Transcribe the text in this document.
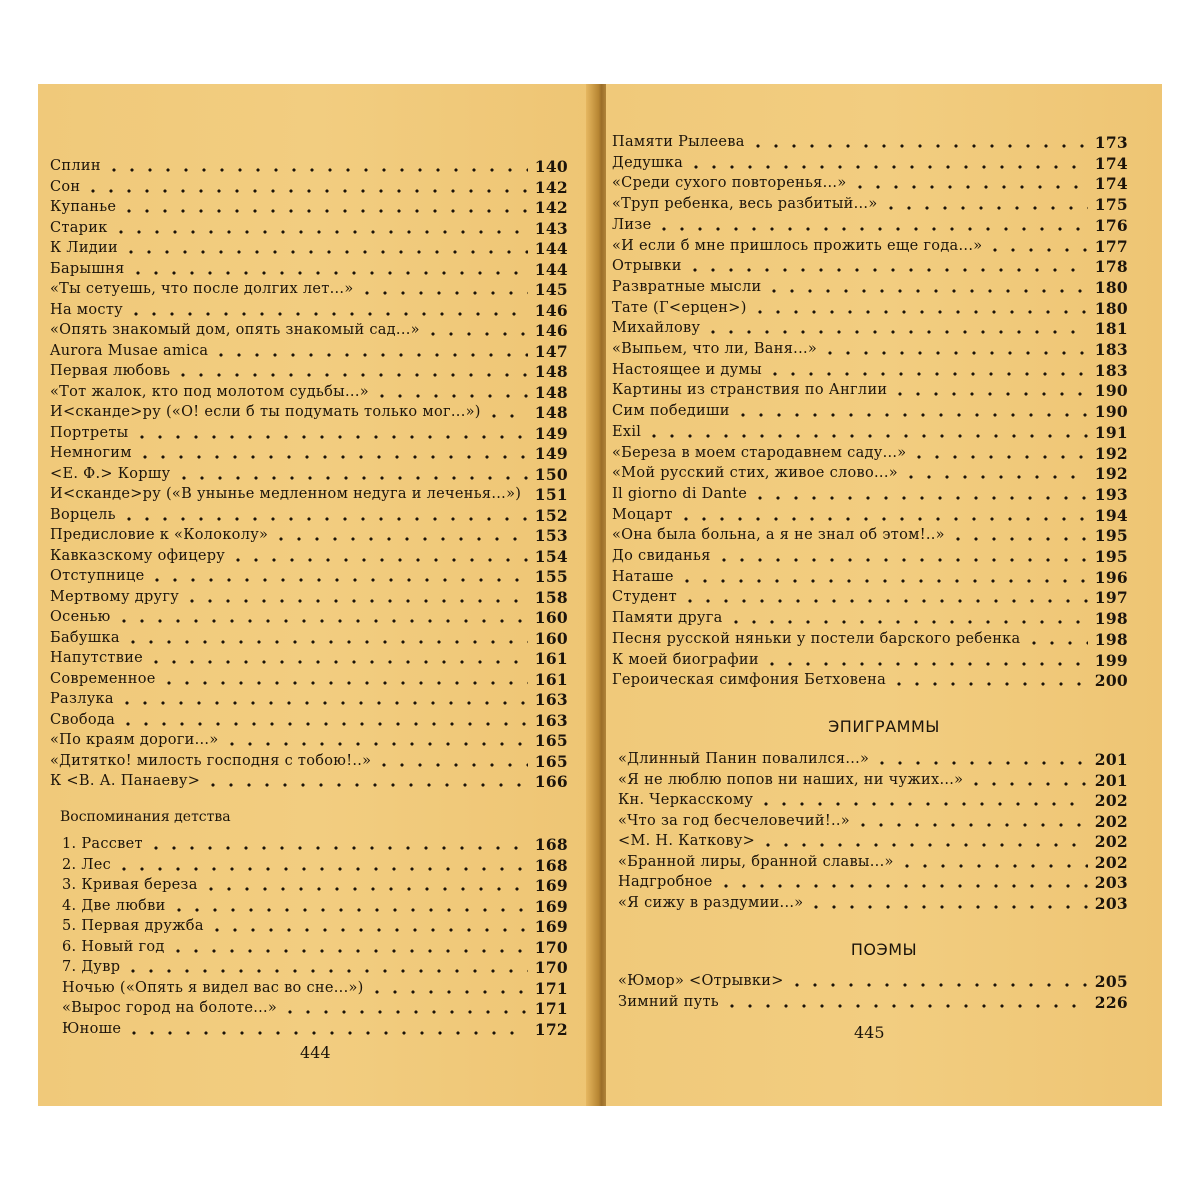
Сплин	140
Сон	142
Купанье	142
Старик	143
К Лидии	144
Барышня	144
«Ты сетуешь, что после долгих лет...»	145
На мосту	146
«Опять знакомый дом, опять знакомый сад...»	146
Aurora Musae amica	147
Первая любовь	148
«Тот жалок, кто под молотом судьбы...»	148
И<скандe>ру («О! если б ты подумать только мог...»)	148
Портреты	149
Немногим	149
<Е. Ф.> Коршу	150
И<скандe>ру («В унынье медленном недуга и леченья...») 151
Ворцель	152
Предисловие к «Колоколу»	153
Кавказскому офицеру	154
Отступнице	155
Мертвому другу	158
Осенью	160
Бабушка	160
Напутствие	161
Современное	161
Разлука	163
Свобода	163
«По краям дороги...»	165
«Дитятко! милость господня с тобою!..»	165
К <В. А. Панаеву>	166
Воспоминания детства
1. Рассвет	168
2. Лес	168
3. Кривая береза	169
4. Две любви	169
5. Первая дружба	169
6. Новый год	170
7. Дувр	170
Ночью («Опять я видел вас во сне...»)	171
«Вырос город на болоте...»	171
Юноше	172
444
Памяти Рылеева	173
Дедушка	174
«Среди сухого повторенья...»	174
«Труп ребенка, весь разбитый...»	175
Лизе	176
«И если б мне пришлось прожить еще года...»	177
Отрывки	178
Развратные мысли	180
Тате (Г<ерцен>)	180
Михайлову	181
«Выпьем, что ли, Ваня...»	183
Настоящее и думы	183
Картины из странствия по Англии	190
Сим победиши	190
Exil	191
«Береза в моем стародавнем саду...»	192
«Мой русский стих, живое слово...»	192
Il giorno di Dante	193
Моцарт	194
«Она была больна, а я не знал об этом!..»	195
До свиданья	195
Наташе	196
Студент	197
Памяти друга	198
Песня русской няньки у постели барского ребенка	198
К моей биографии	199
Героическая симфония Бетховена	200
ЭПИГРАММЫ
«Длинный Панин повалился...»	201
«Я не люблю попов ни наших, ни чужих...»	201
Кн. Черкасскому	202
«Что за год бесчеловечий!..»	202
<М. Н. Каткову>	202
«Бранной лиры, бранной славы...»	202
Надгробное	203
«Я сижу в раздумии...»	203
ПОЭМЫ
«Юмор» <Отрывки>	205
Зимний путь	226
445
